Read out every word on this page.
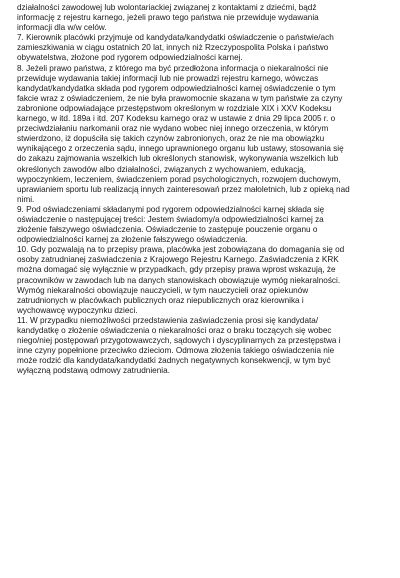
działalności zawodowej lub wolontariackiej związanej z kontaktami z dziećmi, bądź
informację z rejestru karnego, jeżeli prawo tego państwa nie przewiduje wydawania
informacji dla w/w celów.
7. Kierownik placówki przyjmuje od kandydata/kandydatki oświadczenie o państwie/ach
zamieszkiwania w ciągu ostatnich 20 lat, innych niż Rzeczypospolita Polska i państwo
obywatelstwa, złożone pod rygorem odpowiedzialności karnej.
8. Jeżeli prawo państwa, z którego ma być przedłożona informacja o niekaralności nie
przewiduje wydawania takiej informacji lub nie prowadzi rejestru karnego, wówczas
kandydat/kandydatka składa pod rygorem odpowiedzialności karnej oświadczenie o tym
fakcie wraz z oświadczeniem, że nie była prawomocnie skazana w tym państwie za czyny
zabronione odpowiadające przestępstwom określonym w rozdziale XIX i XXV Kodeksu
karnego, w itd. 189a i itd. 207 Kodeksu karnego oraz w ustawie z dnia 29 lipca 2005 r. o
przeciwdziałaniu narkomanii oraz nie wydano wobec niej innego orzeczenia, w którym
stwierdzono, iż dopuściła się takich czynów zabronionych, oraz że nie ma obowiązku
wynikającego z orzeczenia sądu, innego uprawnionego organu lub ustawy, stosowania się
do zakazu zajmowania wszelkich lub określonych stanowisk, wykonywania wszelkich lub
określonych zawodów albo działalności, związanych z wychowaniem, edukacją,
wypoczynkiem, leczeniem, świadczeniem porad psychologicznych, rozwojem duchowym,
uprawianiem sportu lub realizacją innych zainteresowań przez małoletnich, lub z opieką nad
nimi.
9. Pod oświadczeniami składanymi pod rygorem odpowiedzialności karnej składa się
oświadczenie o następującej treści: Jestem świadomy/a odpowiedzialności karnej za
złożenie fałszywego oświadczenia. Oświadczenie to zastępuje pouczenie organu o
odpowiedzialności karnej za złożenie fałszywego oświadczenia.
10. Gdy pozwalają na to przepisy prawa, placówka jest zobowiązana do domagania się od
osoby zatrudnianej zaświadczenia z Krajowego Rejestru Karnego. Zaświadczenia z KRK
można domagać się wyłącznie w przypadkach, gdy przepisy prawa wprost wskazują, że
pracowników w zawodach lub na danych stanowiskach obowiązuje wymóg niekaralności.
Wymóg niekaralności obowiązuje nauczycieli, w tym nauczycieli oraz opiekunów
zatrudnionych w placówkach publicznych oraz niepublicznych oraz kierownika i
wychowawcę wypoczynku dzieci.
11. W przypadku niemożliwości przedstawienia zaświadczenia prosi się kandydata/
kandydatkę o złożenie oświadczenia o niekaralności oraz o braku toczących się wobec
niego/niej postępowań przygotowawczych, sądowych i dyscyplinarnych za przestępstwa i
inne czyny popełnione przeciwko dzieciom. Odmowa złożenia takiego oświadczenia nie
może rodzić dla kandydata/kandydatki żadnych negatywnych konsekwencji, w tym być
wyłączną podstawą odmowy zatrudnienia.
